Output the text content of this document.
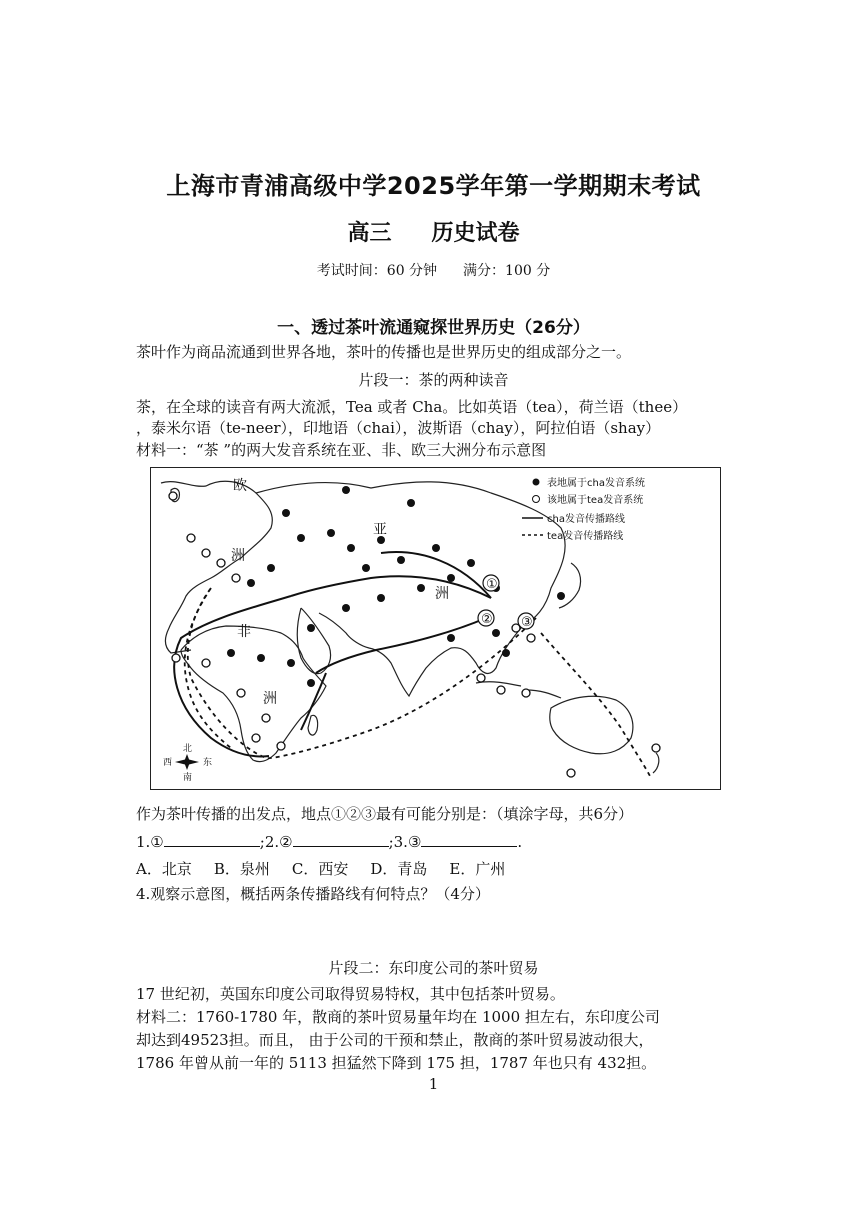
上海市青浦高级中学2025学年第一学期期末考试
高三 历史试卷
考试时间：60 分钟 满分：100 分
一、透过茶叶流通窥探世界历史（26分）
茶叶作为商品流通到世界各地，茶叶的传播也是世界历史的组成部分之一。
片段一：茶的两种读音
茶，在全球的读音有两大流派，Tea 或者 Cha。比如英语（tea），荷兰语（thee）
，泰米尔语（te-neer），印地语（chai），波斯语（chay），阿拉伯语（shay）
材料一：“茶 ”的两大发音系统在亚、非、欧三大洲分布示意图
欧
洲
亚
洲
非
洲
①
② ③
表地属于cha发音系统
该地属于tea发音系统
cha发音传播路线
tea发音传播路线
北
西	东
南
作为茶叶传播的出发点，地点①②③最有可能分别是：（填涂字母，共6分）
1.①	;2.②	;3.③	.
A．北京 B．泉州 C．西安 D．青岛 E．广州
4.观察示意图，概括两条传播路线有何特点？（4分）
片段二：东印度公司的茶叶贸易
17 世纪初，英国东印度公司取得贸易特权，其中包括茶叶贸易。
材料二：1760-1780 年，散商的茶叶贸易量年均在 1000 担左右，东印度公司
却达到49523担。而且， 由于公司的干预和禁止，散商的茶叶贸易波动很大，
1786 年曾从前一年的 5113 担猛然下降到 175 担，1787 年也只有 432担。
1
